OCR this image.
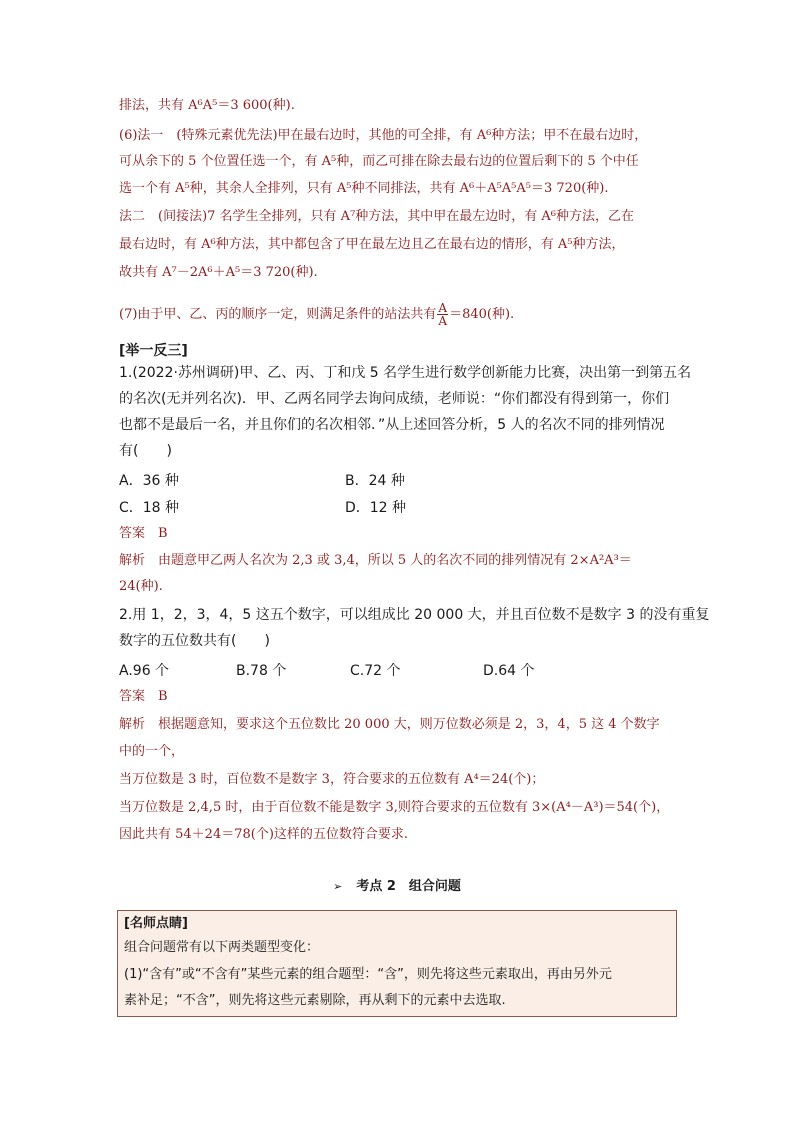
排法，共有 A⁶A⁵＝3 600(种).
(6)法一　(特殊元素优先法)甲在最右边时，其他的可全排，有 A⁶种方法；甲不在最右边时，
可从余下的 5 个位置任选一个，有 A⁵种，而乙可排在除去最右边的位置后剩下的 5 个中任
选一个有 A⁵种，其余人全排列，只有 A⁵种不同排法，共有 A⁶＋A⁵A⁵A⁵＝3 720(种).
法二　(间接法)7 名学生全排列，只有 A⁷种方法，其中甲在最左边时，有 A⁶种方法，乙在
最右边时，有 A⁶种方法，其中都包含了甲在最左边且乙在最右边的情形，有 A⁵种方法，
故共有 A⁷－2A⁶＋A⁵＝3 720(种).
(7)由于甲、乙、丙的顺序一定，则满足条件的站法共有 $\frac{A}{A} =840$(种).
[举一反三]
1.(2022·苏州调研)甲、乙、丙、丁和戊 5 名学生进行数学创新能力比赛，决出第一到第五名
的名次(无并列名次)．甲、乙两名同学去询问成绩，老师说：“你们都没有得到第一，你们
也都不是最后一名，并且你们的名次相邻．”从上述回答分析，5 人的名次不同的排列情况
有(　　)
A．36 种	B．24 种
C．18 种	D．12 种
答案　B
解析　由题意甲乙两人名次为 2,3 或 3,4，所以 5 人的名次不同的排列情况有 2×A²A³＝
24(种).
2.用 1，2，3，4，5 这五个数字，可以组成比 20 000 大，并且百位数不是数字 3 的没有重复
数字的五位数共有(　　)
A.96 个	B.78 个	C.72 个	D.64 个
答案　B
解析　根据题意知，要求这个五位数比 20 000 大，则万位数必须是 2，3，4，5 这 4 个数字
中的一个，
当万位数是 3 时，百位数不是数字 3，符合要求的五位数有 A⁴＝24(个)；
当万位数是 2,4,5 时，由于百位数不能是数字 3,则符合要求的五位数有 3×(A⁴－A³)＝54(个)，
因此共有 54＋24＝78(个)这样的五位数符合要求.
➢ 考点 2　组合问题
[名师点睛]
组合问题常有以下两类题型变化：
(1)“含有”或“不含有”某些元素的组合题型：“含”，则先将这些元素取出，再由另外元
素补足；“不含”，则先将这些元素剔除，再从剩下的元素中去选取.
